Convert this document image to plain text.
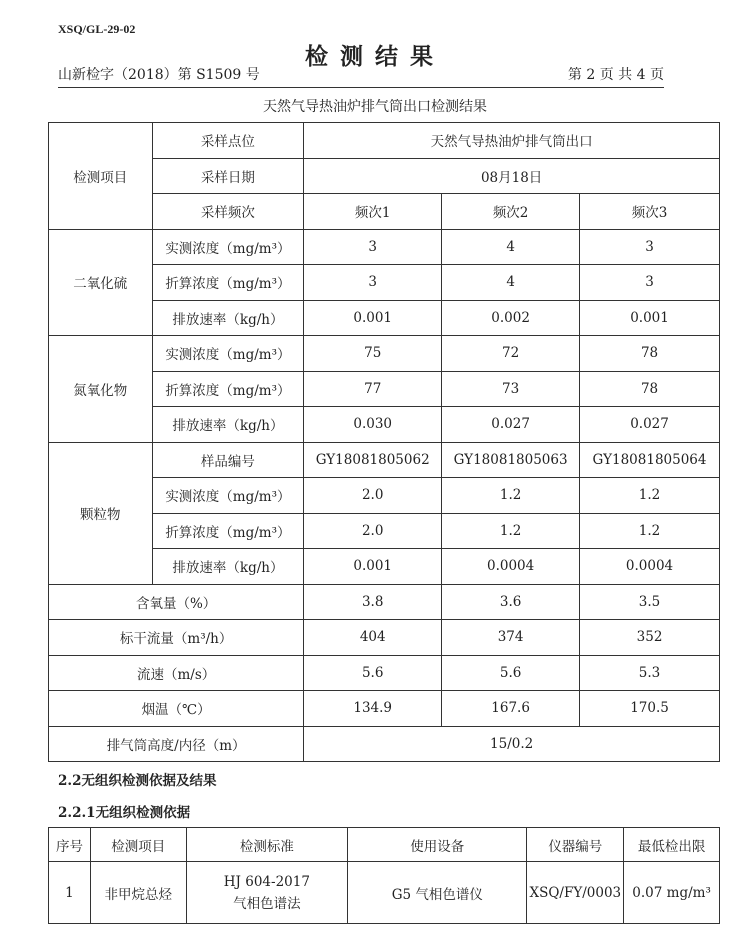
XSQ/GL-29-02
检测结果
山新检字（2018）第 S1509 号	第 2 页 共 4 页
天然气导热油炉排气筒出口检测结果
检测项目	采样点位	天然气导热油炉排气筒出口		
	采样日期	08月18日		
	采样频次	频次1	频次2	频次3
二氧化硫	实测浓度（mg/m³）	3	4	3
	折算浓度（mg/m³）	3	4	3
	排放速率（kg/h）	0.001	0.002	0.001
氮氧化物	实测浓度（mg/m³）	75	72	78
	折算浓度（mg/m³）	77	73	78
	排放速率（kg/h）	0.030	0.027	0.027
颗粒物	样品编号	GY18081805062	GY18081805063	GY18081805064
	实测浓度（mg/m³）	2.0	1.2	1.2
	折算浓度（mg/m³）	2.0	1.2	1.2
	排放速率（kg/h）	0.001	0.0004	0.0004
含氧量（%）		3.8	3.6	3.5
标干流量（m³/h）		404	374	352
流速（m/s）		5.6	5.6	5.3
烟温（℃）		134.9	167.6	170.5
排气筒高度/内径（m）		15/0.2		
2.2无组织检测依据及结果
2.2.1无组织检测依据
序号	检测项目	检测标准	使用设备	仪器编号	最低检出限
1	非甲烷总烃	HJ 604-2017
气相色谱法	G5 气相色谱仪	XSQ/FY/0003	0.07 mg/m³
